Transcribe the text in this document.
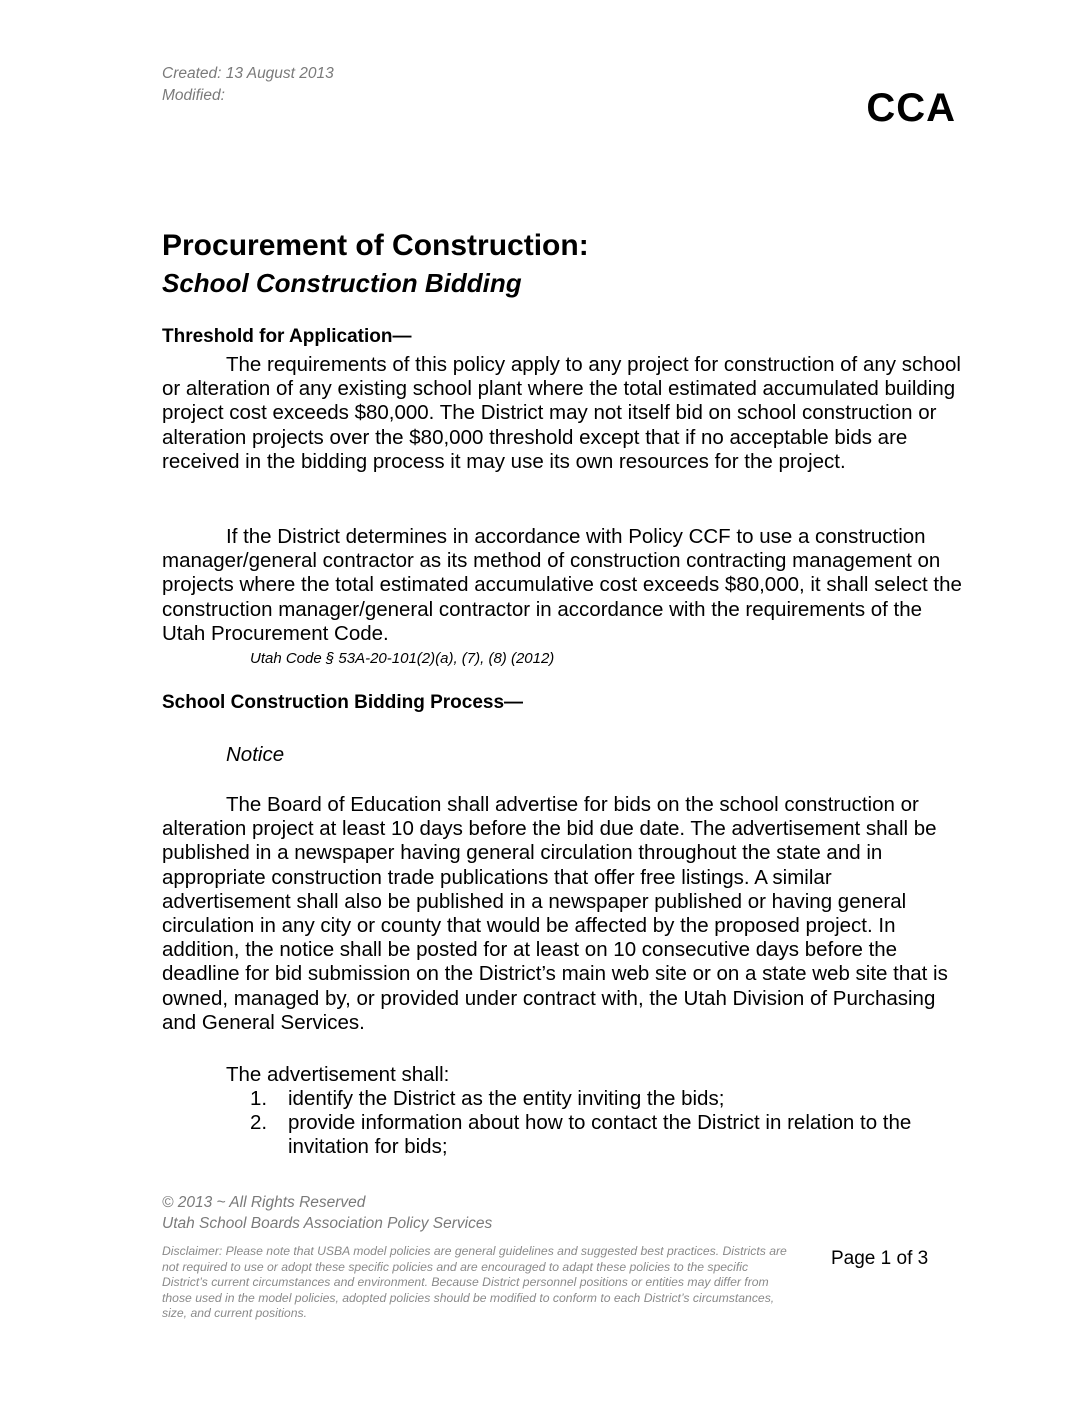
Created: 13 August 2013
Modified:	CCA
Procurement of Construction:
School Construction Bidding
Threshold for Application—

The requirements of this policy apply to any project for construction of any school or alteration of any existing school plant where the total estimated accumulated building project cost exceeds $80,000. The District may not itself bid on school construction or alteration projects over the $80,000 threshold except that if no acceptable bids are received in the bidding process it may use its own resources for the project.

If the District determines in accordance with Policy CCF to use a construction manager/general contractor as its method of construction contracting management on projects where the total estimated accumulative cost exceeds $80,000, it shall select the construction manager/general contractor in accordance with the requirements of the Utah Procurement Code.

Utah Code § 53A-20-101(2)(a), (7), (8) (2012)
School Construction Bidding Process—
Notice

The Board of Education shall advertise for bids on the school construction or alteration project at least 10 days before the bid due date. The advertisement shall be published in a newspaper having general circulation throughout the state and in appropriate construction trade publications that offer free listings. A similar advertisement shall also be published in a newspaper published or having general circulation in any city or county that would be affected by the proposed project. In addition, the notice shall be posted for at least on 10 consecutive days before the deadline for bid submission on the District’s main web site or on a state web site that is owned, managed by, or provided under contract with, the Utah Division of Purchasing and General Services.

The advertisement shall:
1. identify the District as the entity inviting the bids;
2. provide information about how to contact the District in relation to the invitation for bids;
© 2013 ~ All Rights Reserved
Utah School Boards Association Policy Services
Disclaimer: Please note that USBA model policies are general guidelines and suggested best practices. Districts are not required to use or adopt these specific policies and are encouraged to adapt these policies to the specific District’s current circumstances and environment. Because District personnel positions or entities may differ from those used in the model policies, adopted policies should be modified to conform to each District’s circumstances, size, and current positions.
Page 1 of 3
